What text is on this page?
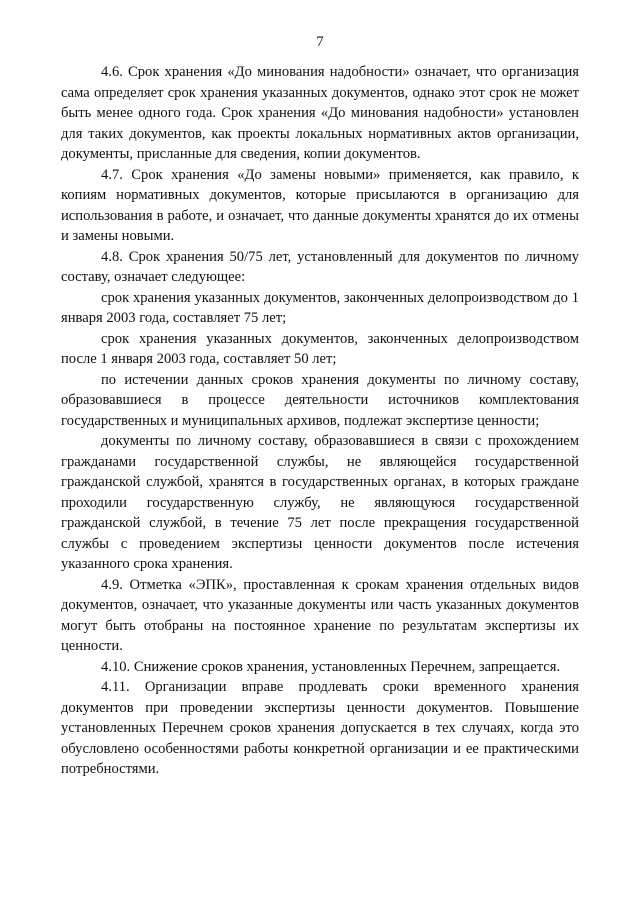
7

4.6. Срок хранения «До минования надобности» означает, что организация сама определяет срок хранения указанных документов, однако этот срок не может быть менее одного года. Срок хранения «До минования надобности» установлен для таких документов, как проекты локальных нормативных актов организации, документы, присланные для сведения, копии документов.

4.7. Срок хранения «До замены новыми» применяется, как правило, к копиям нормативных документов, которые присылаются в организацию для использования в работе, и означает, что данные документы хранятся до их отмены и замены новыми.

4.8. Срок хранения 50/75 лет, установленный для документов по личному составу, означает следующее:

срок хранения указанных документов, законченных делопроизводством до 1 января 2003 года, составляет 75 лет;

срок хранения указанных документов, законченных делопроизводством после 1 января 2003 года, составляет 50 лет;

по истечении данных сроков хранения документы по личному составу, образовавшиеся в процессе деятельности источников комплектования государственных и муниципальных архивов, подлежат экспертизе ценности;

документы по личному составу, образовавшиеся в связи с прохождением гражданами государственной службы, не являющейся государственной гражданской службой, хранятся в государственных органах, в которых граждане проходили государственную службу, не являющуюся государственной гражданской службой, в течение 75 лет после прекращения государственной службы с проведением экспертизы ценности документов после истечения указанного срока хранения.

4.9. Отметка «ЭПК», проставленная к срокам хранения отдельных видов документов, означает, что указанные документы или часть указанных документов могут быть отобраны на постоянное хранение по результатам экспертизы их ценности.

4.10. Снижение сроков хранения, установленных Перечнем, запрещается.

4.11. Организации вправе продлевать сроки временного хранения документов при проведении экспертизы ценности документов. Повышение установленных Перечнем сроков хранения допускается в тех случаях, когда это обусловлено особенностями работы конкретной организации и ее практическими потребностями.
